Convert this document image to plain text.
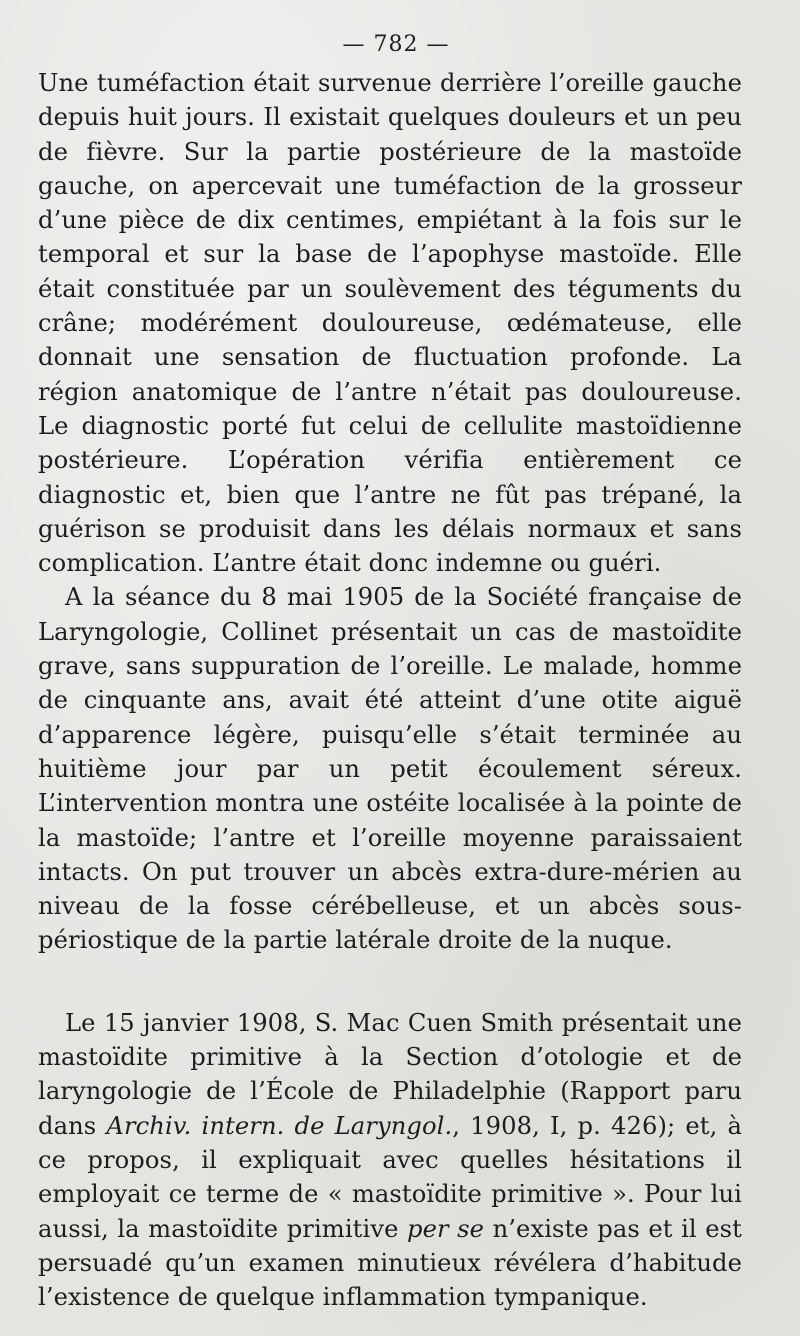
— 782 —

Une tuméfaction était survenue derrière l’oreille gauche depuis huit jours. Il existait quelques douleurs et un peu de fièvre. Sur la partie postérieure de la mastoïde gauche, on apercevait une tuméfaction de la grosseur d’une pièce de dix centimes, empiétant à la fois sur le temporal et sur la base de l’apophyse mastoïde. Elle était constituée par un soulèvement des téguments du crâne; modérément douloureuse, œdémateuse, elle donnait une sensation de fluctuation profonde. La région anatomique de l’antre n’était pas douloureuse. Le diagnostic porté fut celui de cellulite mastoïdienne postérieure. L’opération vérifia entièrement ce diagnostic et, bien que l’antre ne fût pas trépané, la guérison se produisit dans les délais normaux et sans complication. L’antre était donc indemne ou guéri.

A la séance du 8 mai 1905 de la Société française de Laryngologie, Collinet présentait un cas de mastoïdite grave, sans suppuration de l’oreille. Le malade, homme de cinquante ans, avait été atteint d’une otite aiguë d’apparence légère, puisqu’elle s’était terminée au huitième jour par un petit écoulement séreux. L’intervention montra une ostéite localisée à la pointe de la mastoïde; l’antre et l’oreille moyenne paraissaient intacts. On put trouver un abcès extra-dure-mérien au niveau de la fosse cérébelleuse, et un abcès sous-périostique de la partie latérale droite de la nuque.

Le 15 janvier 1908, S. Mac Cuen Smith présentait une mastoïdite primitive à la Section d’otologie et de laryngologie de l’École de Philadelphie (Rapport paru dans Archiv. intern. de Laryngol., 1908, I, p. 426); et, à ce propos, il expliquait avec quelles hésitations il employait ce terme de « mastoïdite primitive ». Pour lui aussi, la mastoïdite primitive per se n’existe pas et il est persuadé qu’un examen minutieux révélera d’habitude l’existence de quelque inflammation tympanique.
